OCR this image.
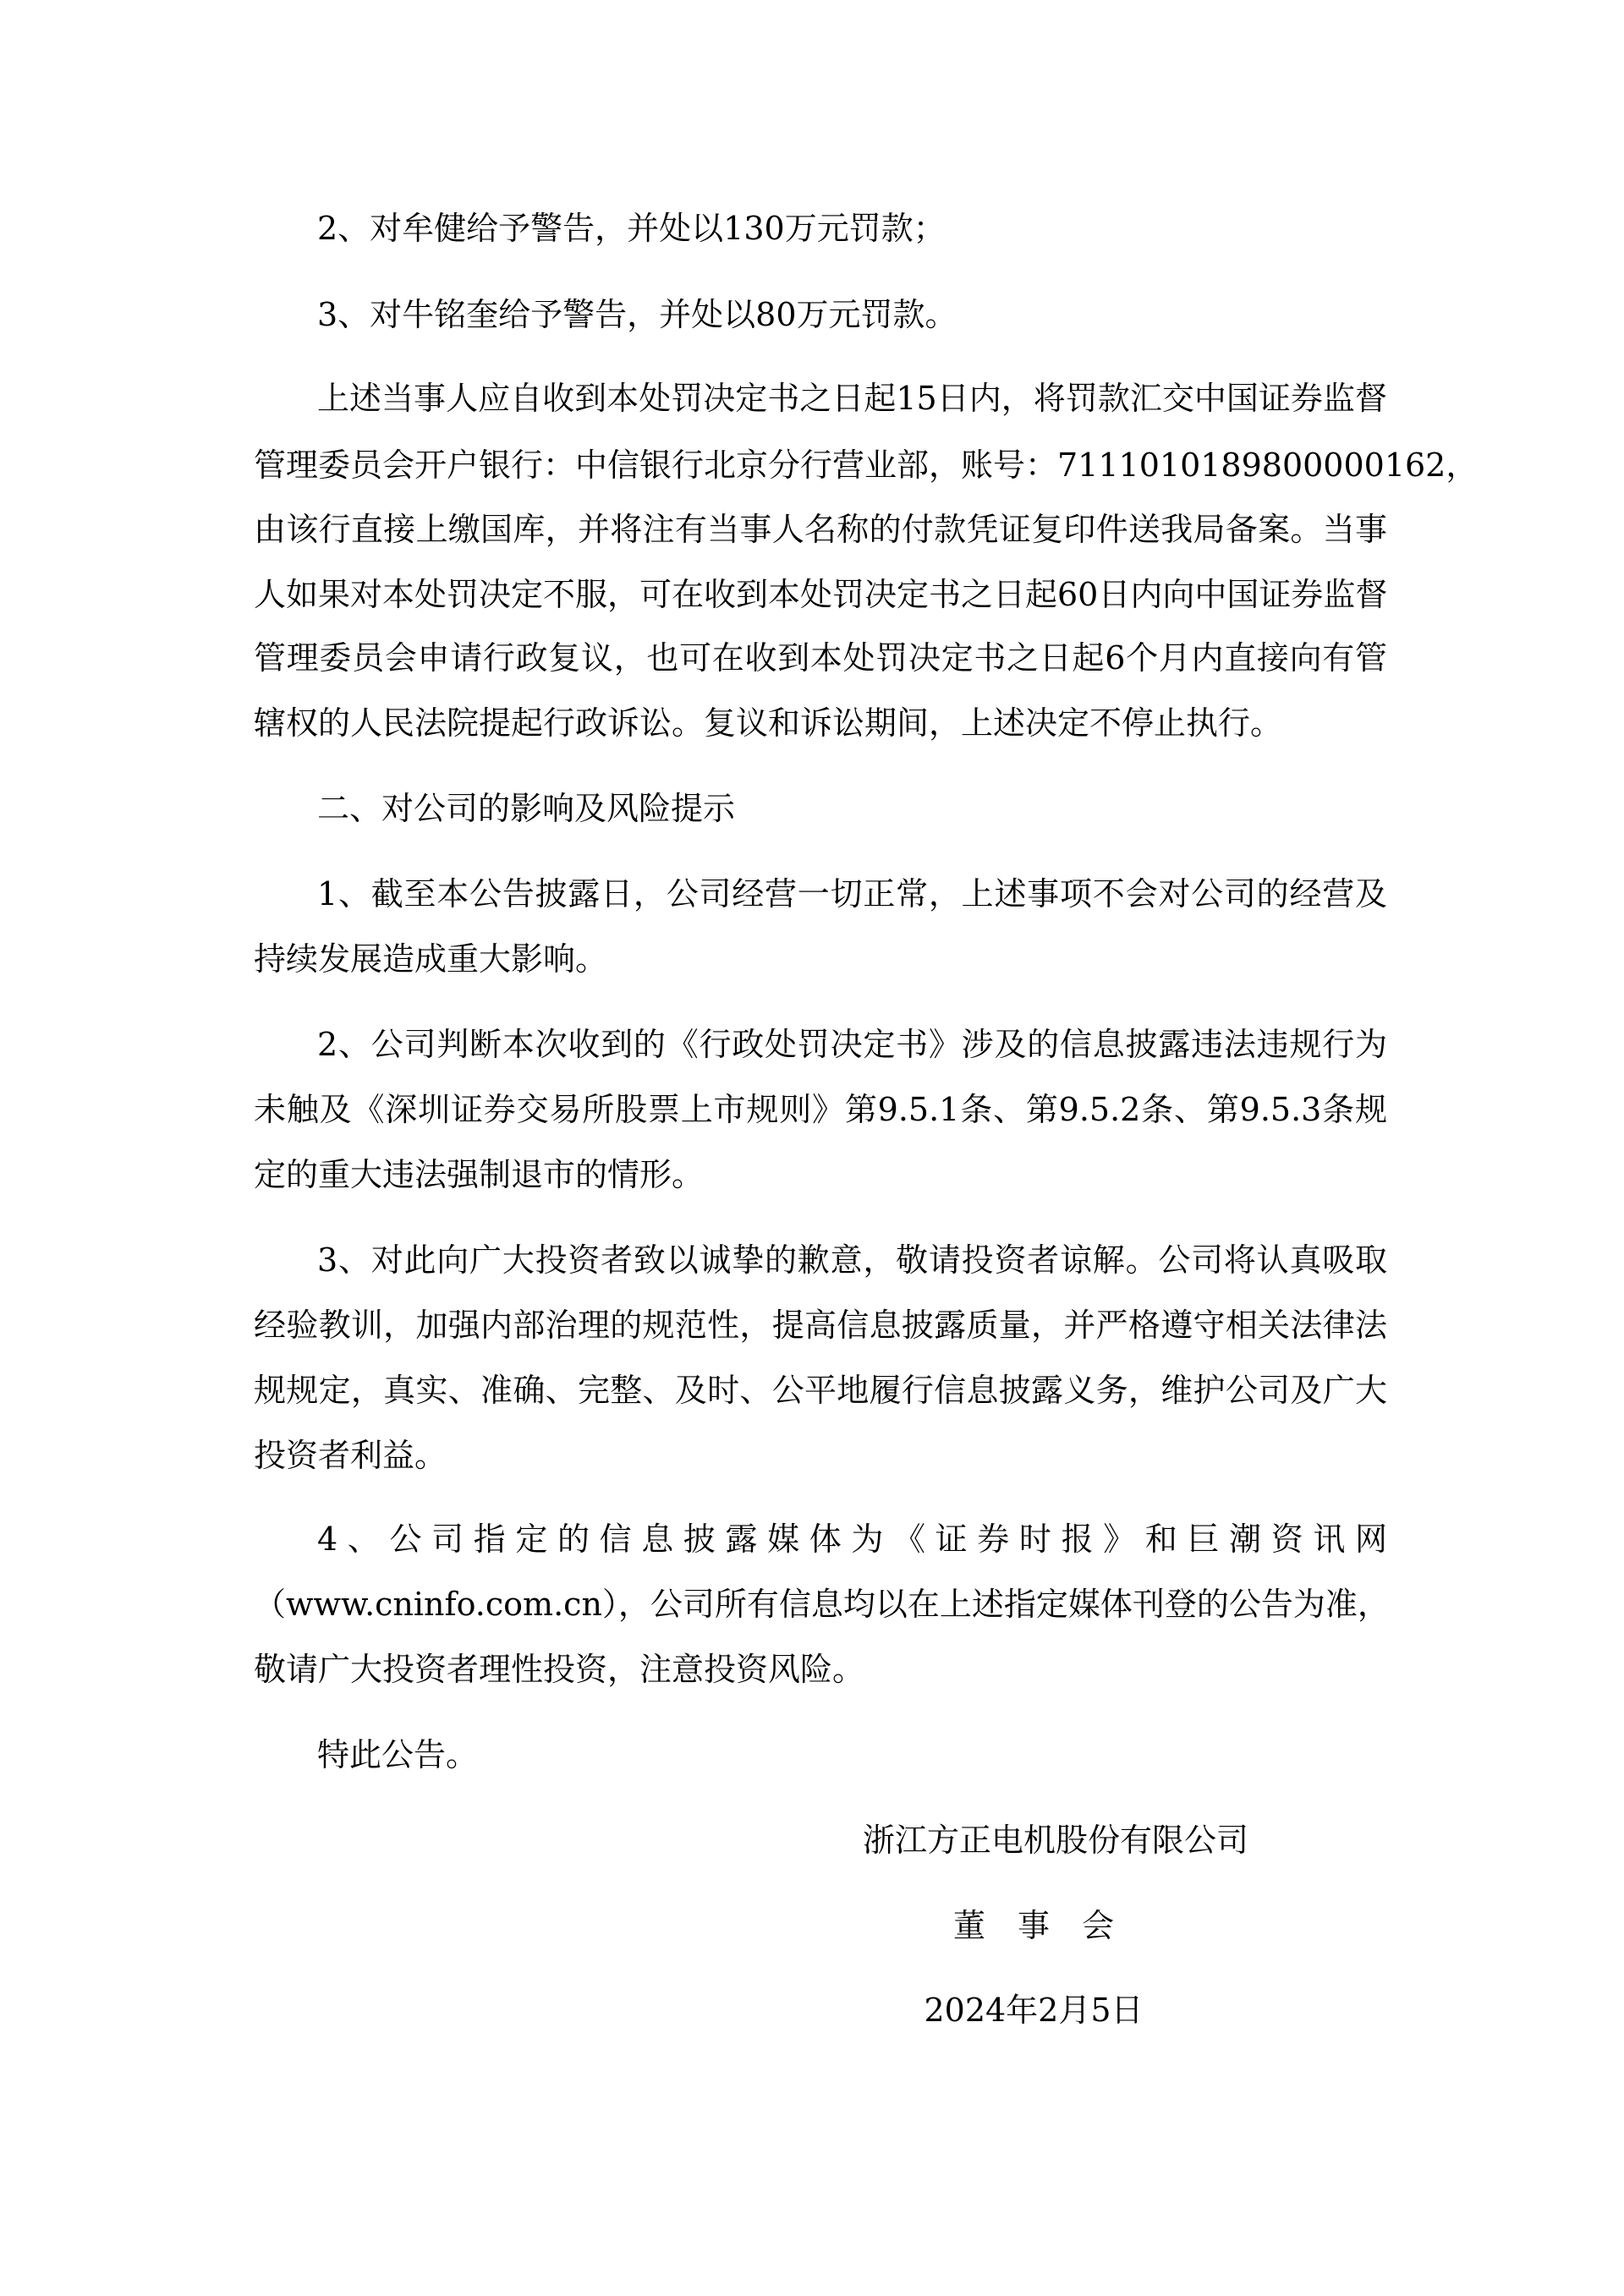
2、对牟健给予警告，并处以130万元罚款；
3、对牛铭奎给予警告，并处以80万元罚款。
上述当事人应自收到本处罚决定书之日起15日内，将罚款汇交中国证券监督
管理委员会开户银行：中信银行北京分行营业部，账号：7111010189800000162，
由该行直接上缴国库，并将注有当事人名称的付款凭证复印件送我局备案。当事
人如果对本处罚决定不服，可在收到本处罚决定书之日起60日内向中国证券监督
管理委员会申请行政复议，也可在收到本处罚决定书之日起6个月内直接向有管
辖权的人民法院提起行政诉讼。复议和诉讼期间，上述决定不停止执行。
二、对公司的影响及风险提示
1、截至本公告披露日，公司经营一切正常，上述事项不会对公司的经营及
持续发展造成重大影响。
2、公司判断本次收到的《行政处罚决定书》涉及的信息披露违法违规行为
未触及《深圳证券交易所股票上市规则》第9.5.1条、第9.5.2条、第9.5.3条规
定的重大违法强制退市的情形。
3、对此向广大投资者致以诚挚的歉意，敬请投资者谅解。公司将认真吸取
经验教训，加强内部治理的规范性，提高信息披露质量，并严格遵守相关法律法
规规定，真实、准确、完整、及时、公平地履行信息披露义务，维护公司及广大
投资者利益。
4、公司指定的信息披露媒体为《证券时报》和巨潮资讯网
（www.cninfo.com.cn），公司所有信息均以在上述指定媒体刊登的公告为准，
敬请广大投资者理性投资，注意投资风险。
特此公告。
浙江方正电机股份有限公司
董　事　会
2024年2月5日
